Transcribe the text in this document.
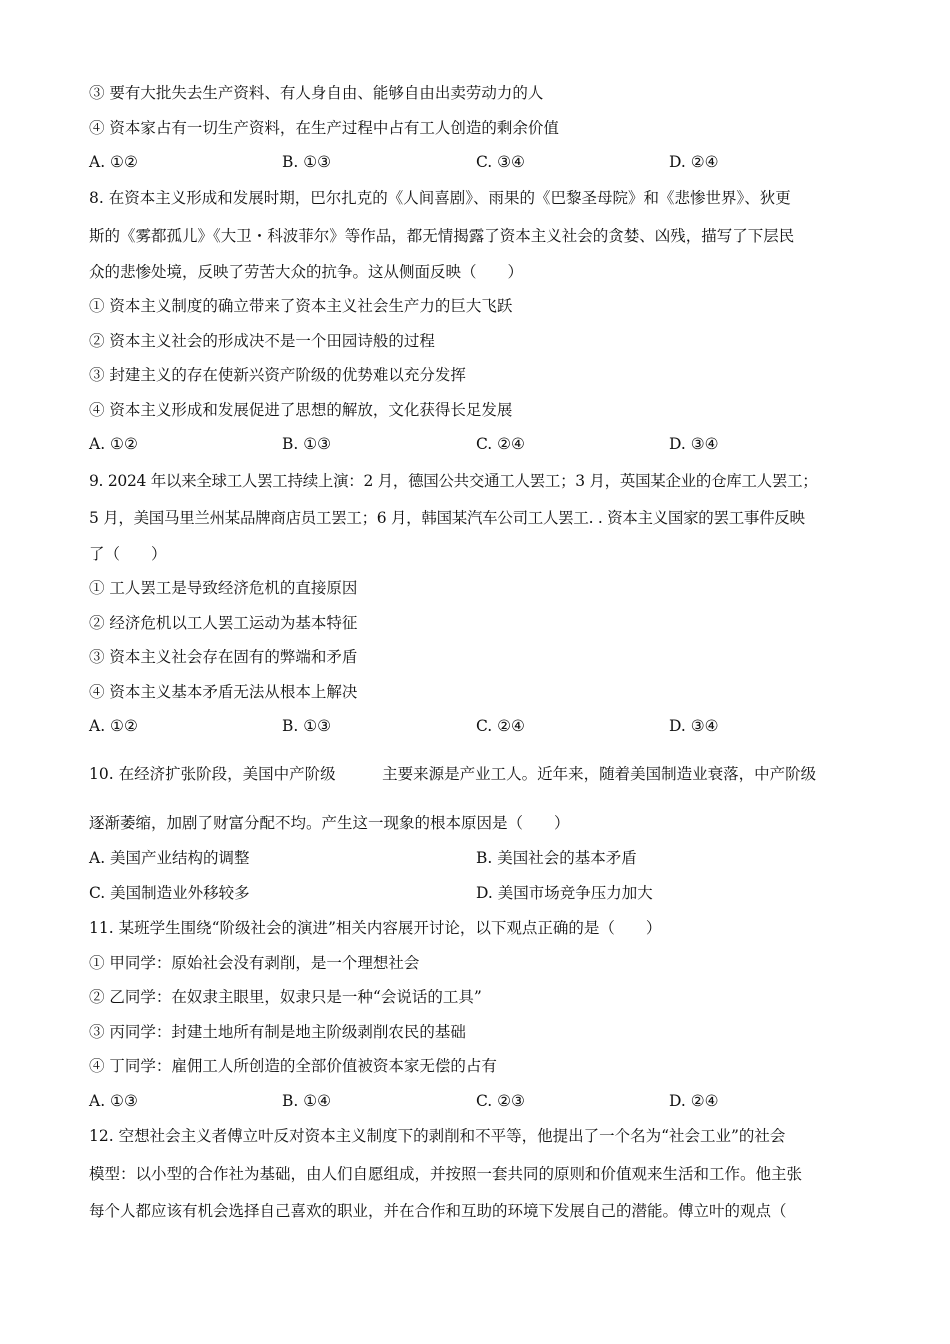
③ 要有大批失去生产资料、有人身自由、能够自由出卖劳动力的人
④ 资本家占有一切生产资料，在生产过程中占有工人创造的剩余价值
A. ①②	B. ①③	C. ③④	D. ②④
8. 在资本主义形成和发展时期，巴尔扎克的《人间喜剧》、雨果的《巴黎圣母院》和《悲惨世界》、狄更
斯的《雾都孤儿》《大卫・科波菲尔》等作品，都无情揭露了资本主义社会的贪婪、凶残，描写了下层民
众的悲惨处境，反映了劳苦大众的抗争。这从侧面反映（　　）
① 资本主义制度的确立带来了资本主义社会生产力的巨大飞跃
② 资本主义社会的形成决不是一个田园诗般的过程
③ 封建主义的存在使新兴资产阶级的优势难以充分发挥
④ 资本主义形成和发展促进了思想的解放，文化获得长足发展
A. ①②	B. ①③	C. ②④	D. ③④
9. 2024 年以来全球工人罢工持续上演：2 月，德国公共交通工人罢工；3 月，英国某企业的仓库工人罢工；
5 月，美国马里兰州某品牌商店员工罢工；6 月，韩国某汽车公司工人罢工. . 资本主义国家的罢工事件反映
了（　　）
① 工人罢工是导致经济危机的直接原因
② 经济危机以工人罢工运动为基本特征
③ 资本主义社会存在固有的弊端和矛盾
④ 资本主义基本矛盾无法从根本上解决
A. ①②	B. ①③	C. ②④	D. ③④
10. 在经济扩张阶段，美国中产阶级　　　主要来源是产业工人。近年来，随着美国制造业衰落，中产阶级
逐渐萎缩，加剧了财富分配不均。产生这一现象的根本原因是（　　）
A. 美国产业结构的调整	B. 美国社会的基本矛盾
C. 美国制造业外移较多	D. 美国市场竞争压力加大
11. 某班学生围绕“阶级社会的演进”相关内容展开讨论，以下观点正确的是（　　）
① 甲同学：原始社会没有剥削，是一个理想社会
② 乙同学：在奴隶主眼里，奴隶只是一种“会说话的工具”
③ 丙同学：封建土地所有制是地主阶级剥削农民的基础
④ 丁同学：雇佣工人所创造的全部价值被资本家无偿的占有
A. ①③	B. ①④	C. ②③	D. ②④
12. 空想社会主义者傅立叶反对资本主义制度下的剥削和不平等，他提出了一个名为“社会工业”的社会
模型：以小型的合作社为基础，由人们自愿组成，并按照一套共同的原则和价值观来生活和工作。他主张
每个人都应该有机会选择自己喜欢的职业，并在合作和互助的环境下发展自己的潜能。傅立叶的观点（
